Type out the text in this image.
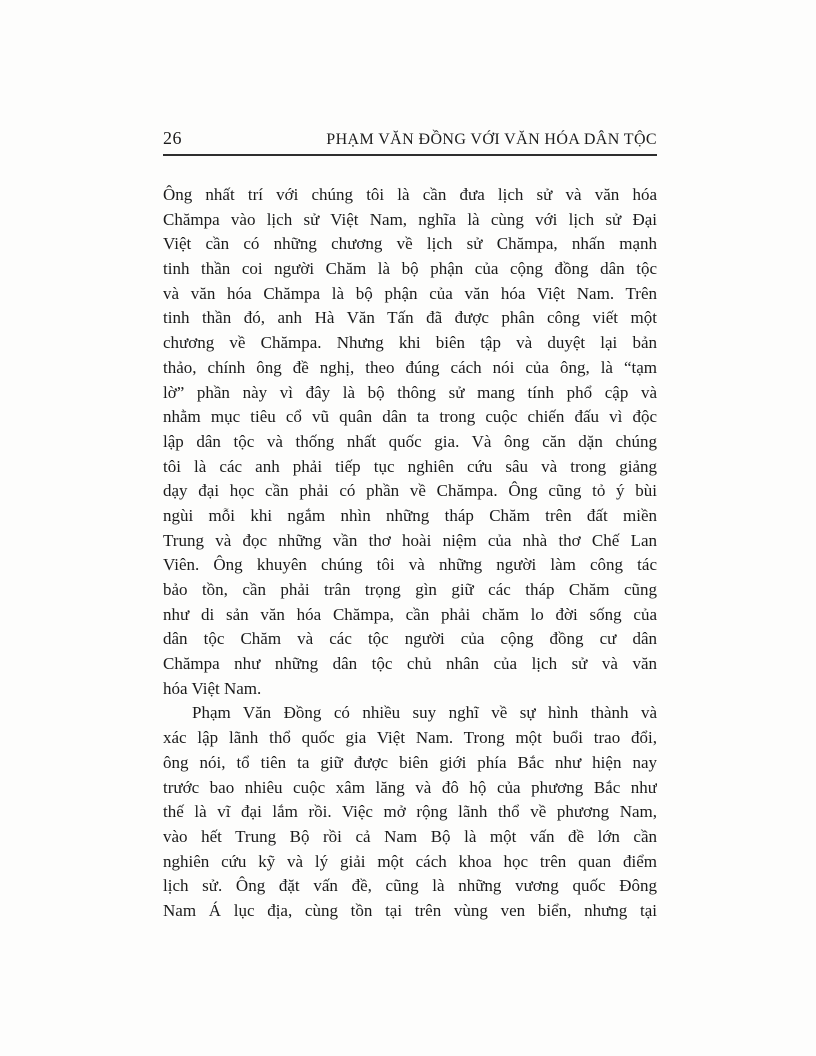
26	PHẠM VĂN ĐỒNG VỚI VĂN HÓA DÂN TỘC
Ông nhất trí với chúng tôi là cần đưa lịch sử và văn hóa
Chămpa vào lịch sử Việt Nam, nghĩa là cùng với lịch sử Đại
Việt cần có những chương về lịch sử Chămpa, nhấn mạnh
tinh thần coi người Chăm là bộ phận của cộng đồng dân tộc
và văn hóa Chămpa là bộ phận của văn hóa Việt Nam. Trên
tinh thần đó, anh Hà Văn Tấn đã được phân công viết một
chương về Chămpa. Nhưng khi biên tập và duyệt lại bản
thảo, chính ông đề nghị, theo đúng cách nói của ông, là “tạm
lờ” phần này vì đây là bộ thông sử mang tính phổ cập và
nhằm mục tiêu cổ vũ quân dân ta trong cuộc chiến đấu vì độc
lập dân tộc và thống nhất quốc gia. Và ông căn dặn chúng
tôi là các anh phải tiếp tục nghiên cứu sâu và trong giảng
dạy đại học cần phải có phần về Chămpa. Ông cũng tỏ ý bùi
ngùi mỗi khi ngắm nhìn những tháp Chăm trên đất miền
Trung và đọc những vần thơ hoài niệm của nhà thơ Chế Lan
Viên. Ông khuyên chúng tôi và những người làm công tác
bảo tồn, cần phải trân trọng gìn giữ các tháp Chăm cũng
như di sản văn hóa Chămpa, cần phải chăm lo đời sống của
dân tộc Chăm và các tộc người của cộng đồng cư dân
Chămpa như những dân tộc chủ nhân của lịch sử và văn
hóa Việt Nam.
Phạm Văn Đồng có nhiều suy nghĩ về sự hình thành và
xác lập lãnh thổ quốc gia Việt Nam. Trong một buổi trao đổi,
ông nói, tổ tiên ta giữ được biên giới phía Bắc như hiện nay
trước bao nhiêu cuộc xâm lăng và đô hộ của phương Bắc như
thế là vĩ đại lắm rồi. Việc mở rộng lãnh thổ về phương Nam,
vào hết Trung Bộ rồi cả Nam Bộ là một vấn đề lớn cần
nghiên cứu kỹ và lý giải một cách khoa học trên quan điểm
lịch sử. Ông đặt vấn đề, cũng là những vương quốc Đông
Nam Á lục địa, cùng tồn tại trên vùng ven biển, nhưng tại
